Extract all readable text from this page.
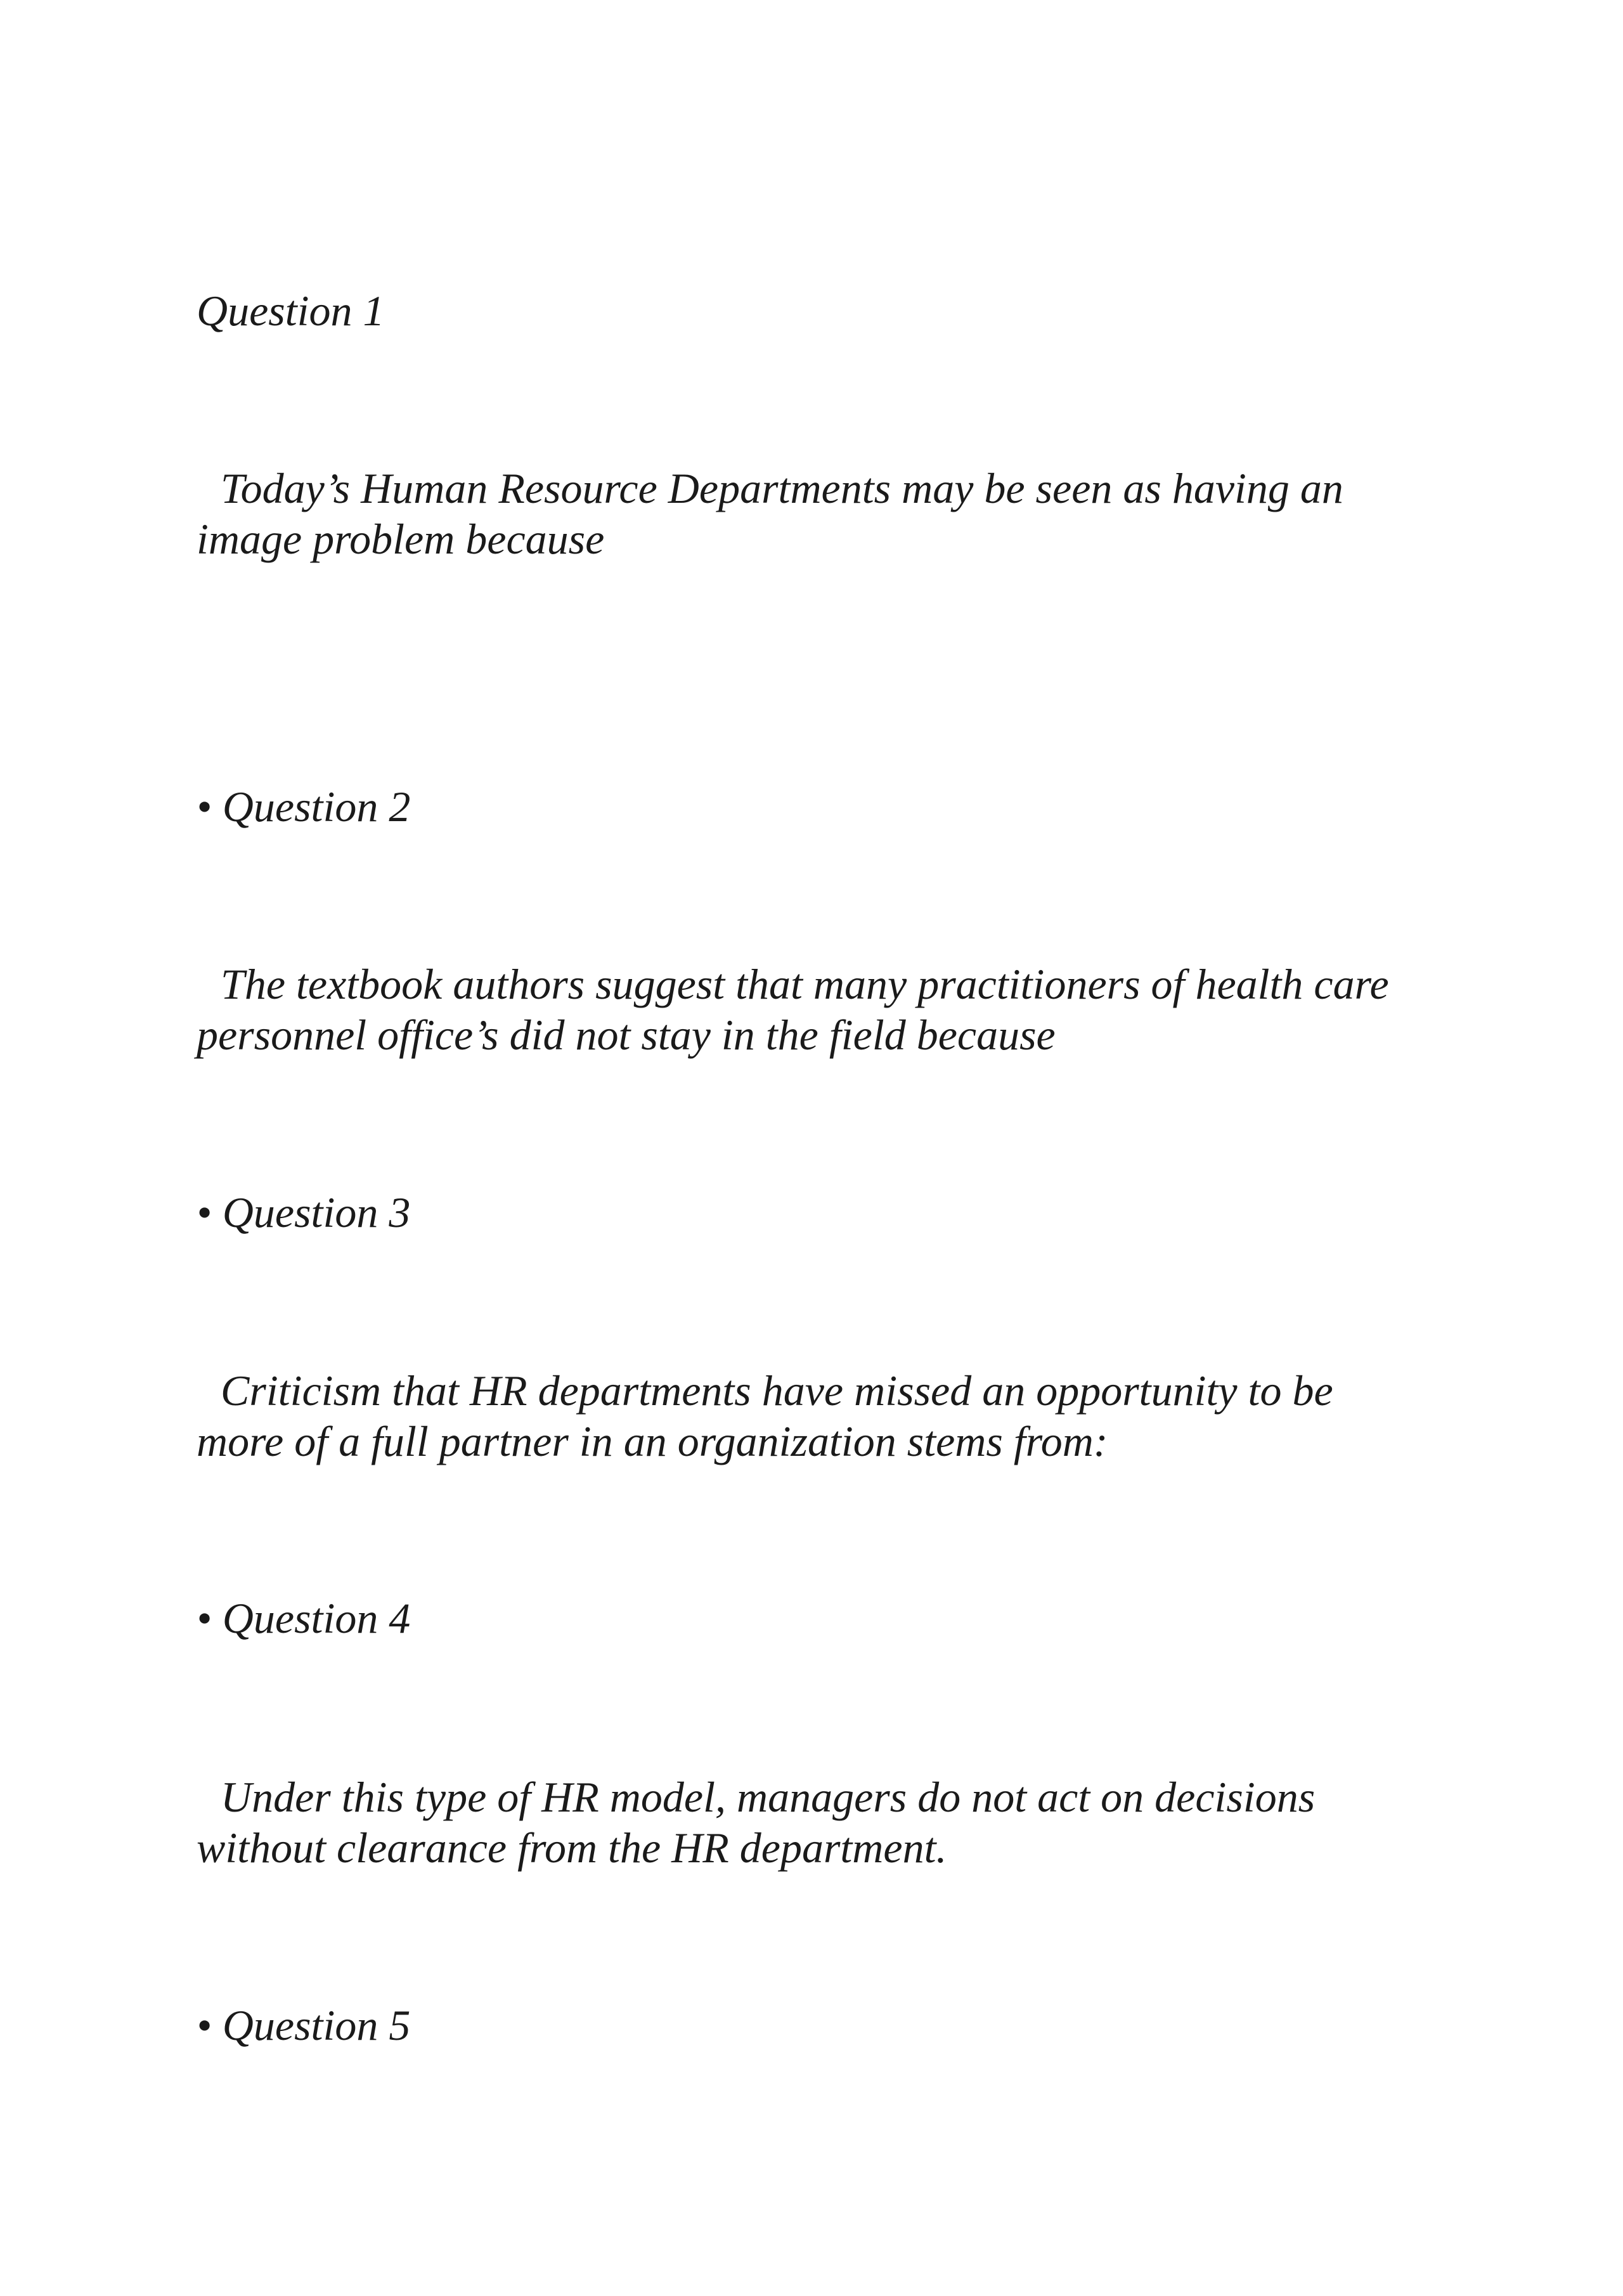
Question 1

Today’s Human Resource Departments may be seen as having an

image problem because

• Question 2

The textbook authors suggest that many practitioners of health care

personnel office’s did not stay in the field because

• Question 3

Criticism that HR departments have missed an opportunity to be

more of a full partner in an organization stems from:

• Question 4

Under this type of HR model, managers do not act on decisions

without clearance from the HR department.

• Question 5
